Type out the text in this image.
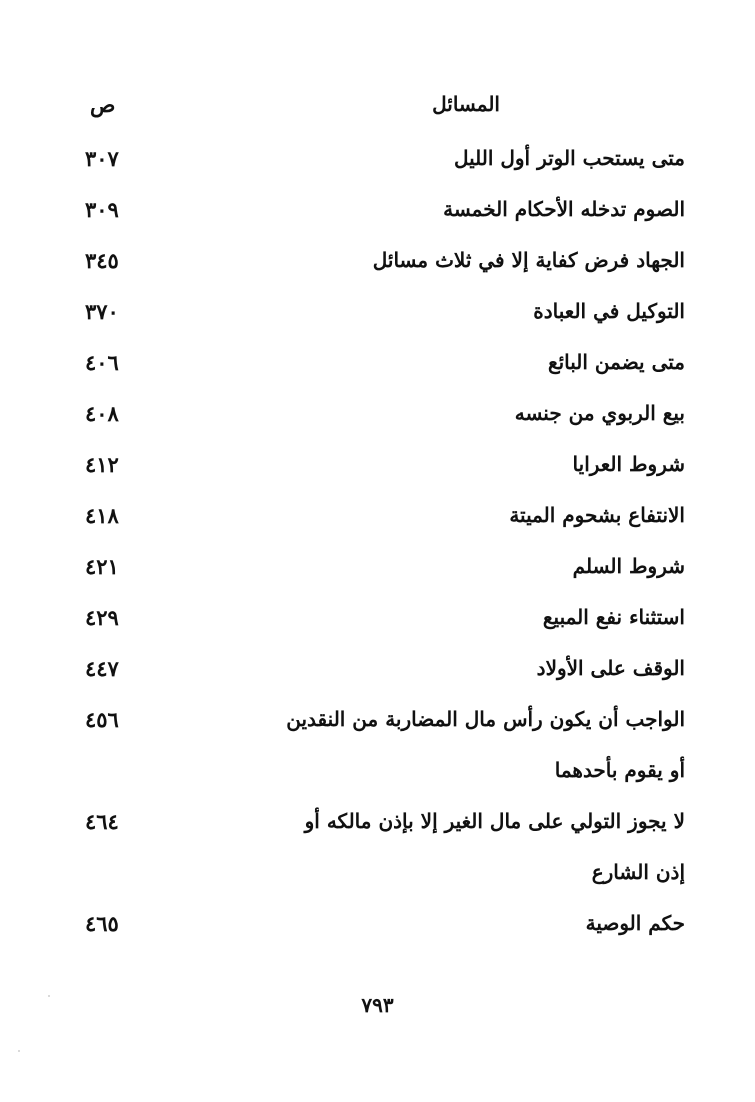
المسائل
ص
متى يستحب الوتر أول الليل
٣٠٧
الصوم تدخله الأحكام الخمسة
٣٠٩
الجهاد فرض كفاية إلا في ثلاث مسائل
٣٤٥
التوكيل في العبادة
٣٧٠
متى يضمن البائع
٤٠٦
بيع الربوي من جنسه
٤٠٨
شروط العرايا
٤١٢
الانتفاع بشحوم الميتة
٤١٨
شروط السلم
٤٢١
استثناء نفع المبيع
٤٢٩
الوقف على الأولاد
٤٤٧
الواجب أن يكون رأس مال المضاربة من النقدين
٤٥٦
أو يقوم بأحدهما
لا يجوز التولي على مال الغير إلا بإذن مالكه أو
٤٦٤
إذن الشارع
حكم الوصية
٤٦٥
٧٩٣
